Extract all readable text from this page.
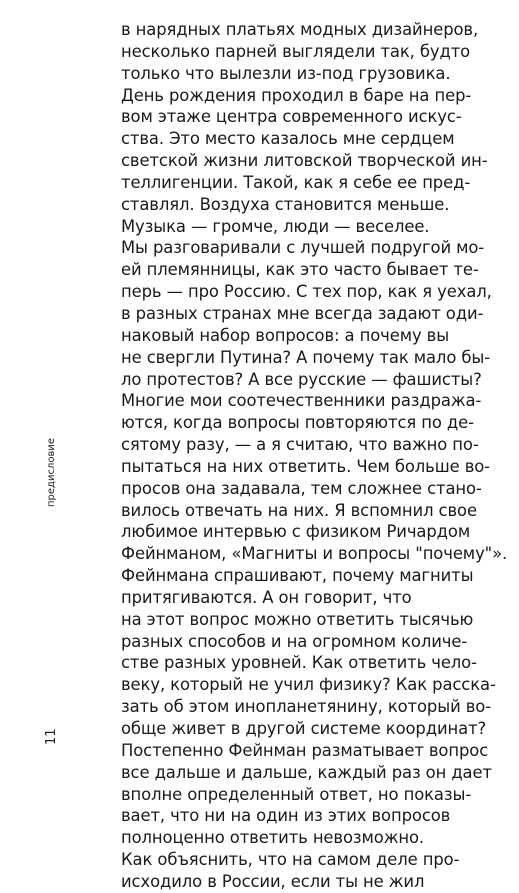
в нарядных платьях модных дизайнеров,
несколько парней выглядели так, будто
только что вылезли из-под грузовика.
День рождения проходил в баре на пер-
вом этаже центра современного искус-
ства. Это место казалось мне сердцем
светской жизни литовской творческой ин-
теллигенции. Такой, как я себе ее пред-
ставлял. Воздуха становится меньше.
Музыка — громче, люди — веселее.
Мы разговаривали с лучшей подругой мо-
ей племянницы, как это часто бывает те-
перь — про Россию. С тех пор, как я уехал,
в разных странах мне всегда задают оди-
наковый набор вопросов: а почему вы
не свергли Путина? А почему так мало бы-
ло протестов? А все русские — фашисты?
Многие мои соотечественники раздража-
ются, когда вопросы повторяются по де-
сятому разу, — а я считаю, что важно по-
пытаться на них ответить. Чем больше во-
просов она задавала, тем сложнее стано-
вилось отвечать на них. Я вспомнил свое
любимое интервью с физиком Ричардом
Фейнманом, «Магниты и вопросы "почему"».
Фейнмана спрашивают, почему магниты
притягиваются. А он говорит, что
на этот вопрос можно ответить тысячью
разных способов и на огромном количе-
стве разных уровней. Как ответить чело-
веку, который не учил физику? Как расска-
зать об этом инопланетянину, который во-
обще живет в другой системе координат?
Постепенно Фейнман разматывает вопрос
все дальше и дальше, каждый раз он дает
вполне определенный ответ, но показы-
вает, что ни на один из этих вопросов
полноценно ответить невозможно.
Как объяснить, что на самом деле про-
исходило в России, если ты не жил
предисловие
11
